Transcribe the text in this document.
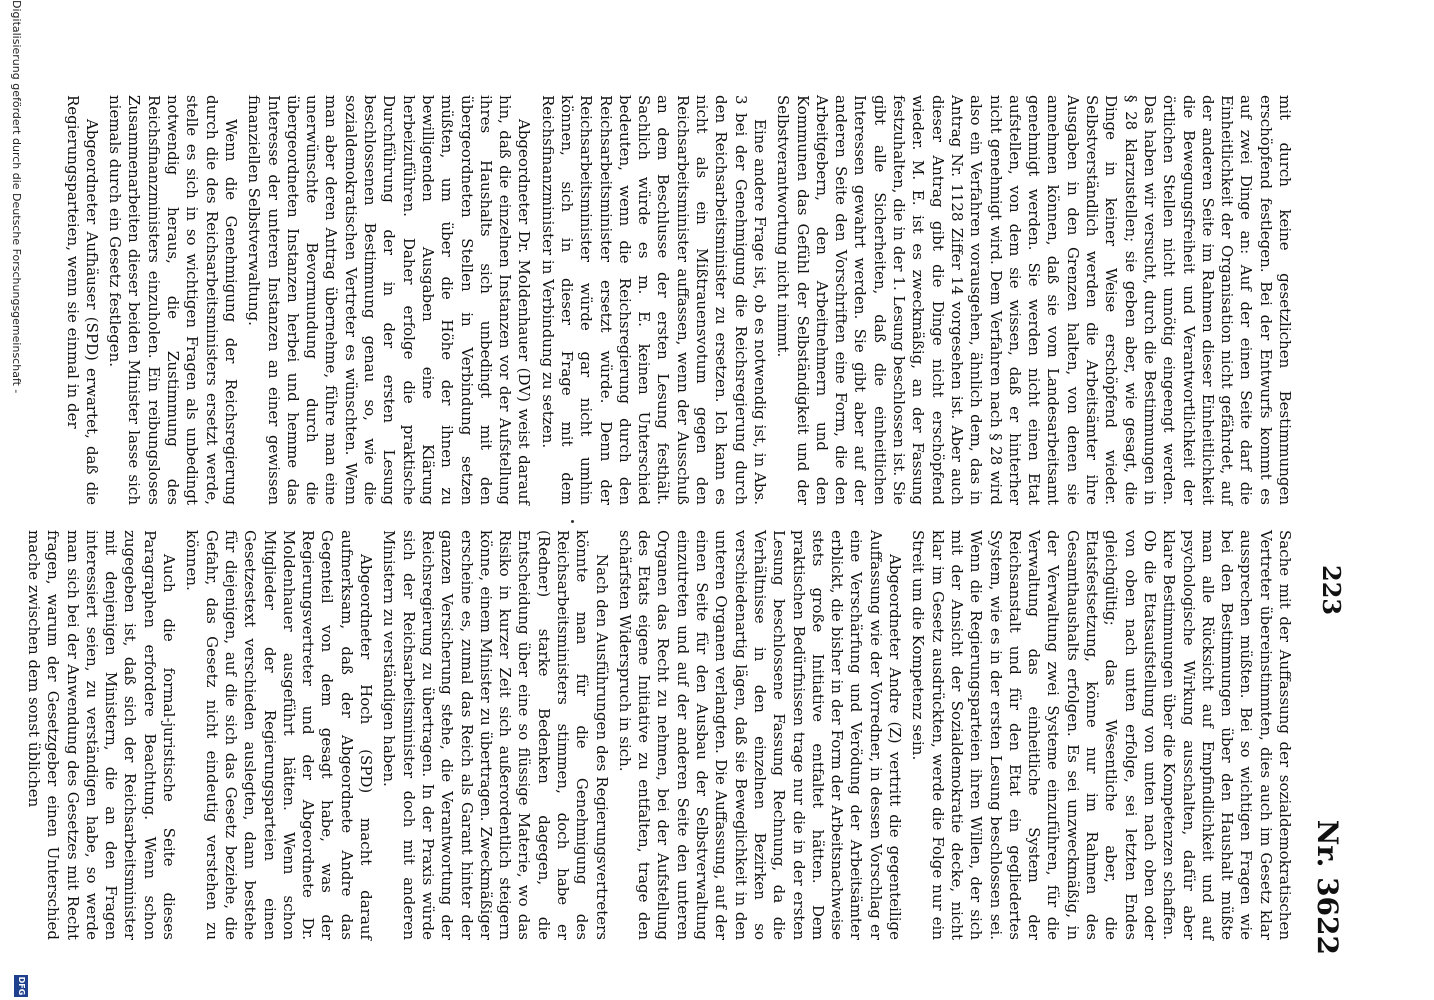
223
Nr. 3622

mit durch keine gesetzlichen Bestimmungen erschöpfend festlegen. Bei der Entwurfs kommt es auf zwei Dinge an: Auf der einen Seite darf die Einheitlichkeit der Organisation nicht gefährdet, auf der anderen Seite im Rahmen dieser Einheitlichkeit die Bewegungsfreiheit und Verantwortlichkeit der örtlichen Stellen nicht unnötig eingeengt werden. Das haben wir versucht, durch die Bestimmungen in § 28 klarzustellen; sie geben aber, wie gesagt, die Dinge in keiner Weise erschöpfend wieder. Selbstverständlich werden die Arbeitsämter ihre Ausgaben in den Grenzen halten, von denen sie annehmen können, daß sie vom Landesarbeitsamt genehmigt werden. Sie werden nicht einen Etat aufstellen, von dem sie wissen, daß er hinterher nicht genehmigt wird. Dem Verfahren nach § 28 wird also ein Verfahren vorausgehen, ähnlich dem, das in Antrag Nr. 1128 Ziffer 14 vorgesehen ist. Aber auch dieser Antrag gibt die Dinge nicht erschöpfend wieder. M. E. ist es zweckmäßig, an der Fassung festzuhalten, die in der 1. Lesung beschlossen ist. Sie gibt alle Sicherheiten, daß die einheitlichen Interessen gewahrt werden. Sie gibt aber auf der anderen Seite den Vorschriften eine Form, die den Arbeitgebern, den Arbeitnehmern und den Kommunen das Gefühl der Selbständigkeit und der Selbstverantwortung nicht nimmt.

Eine andere Frage ist, ob es notwendig ist, in Abs. 3 bei der Genehmigung die Reichsregierung durch den Reichsarbeitsminister zu ersetzen. Ich kann es nicht als ein Mißtrauensvotum gegen den Reichsarbeitsminister auffassen, wenn der Ausschuß an dem Beschlusse der ersten Lesung festhält. Sachlich würde es m. E. keinen Unterschied bedeuten, wenn die Reichsregierung durch den Reichsarbeitsminister ersetzt würde. Denn der Reichsarbeitsminister würde gar nicht umhin können, sich in dieser Frage mit dem Reichsfinanzminister in Verbindung zu setzen.

Abgeordneter Dr. Moldenhauer (DV) weist darauf hin, daß die einzelnen Instanzen vor der Aufstellung ihres Haushalts sich unbedingt mit den übergeordneten Stellen in Verbindung setzen müßten, um über die Höhe der ihnen zu bewilligenden Ausgaben eine Klärung herbeizuführen. Daher erfolge die praktische Durchführung der in der ersten Lesung beschlossenen Bestimmung genau so, wie die sozialdemokratischen Vertreter es wünschten. Wenn man aber deren Antrag übernehme, führe man eine unerwünschte Bevormundung durch die übergeordneten Instanzen herbei und hemme das Interesse der unteren Instanzen an einer gewissen finanziellen Selbstverwaltung.

Wenn die Genehmigung der Reichsregierung durch die des Reichsarbeitsministers ersetzt werde, stelle es sich in so wichtigen Fragen als unbedingt notwendig heraus, die Zustimmung des Reichsfinanzministers einzuholen. Ein reibungsloses Zusammenarbeiten dieser beiden Minister lasse sich niemals durch ein Gesetz festlegen.

Abgeordneter Aufhäuser (SPD) erwartet, daß die Regierungsparteien, wenn sie einmal in der

Sache mit der Auffassung der sozialdemokratischen Vertreter übereinstimmten, dies auch im Gesetz klar aussprechen müßten. Bei so wichtigen Fragen wie bei den Bestimmungen über den Haushalt müßte man alle Rücksicht auf Empfindlichkeit und auf psychologische Wirkung ausschalten, dafür aber klare Bestimmungen über die Kompetenzen schaffen. Ob die Etatsaufstellung von unten nach oben oder von oben nach unten erfolge, sei letzten Endes gleichgültig; das Wesentliche aber, die Etatsfestsetzung, könne nur im Rahmen des Gesamthaushalts erfolgen. Es sei unzweckmäßig, in der Verwaltung zwei Systeme einzuführen, für die Verwaltung das einheitliche System der Reichsanstalt und für den Etat ein gegliedertes System, wie es in der ersten Lesung beschlossen sei. Wenn die Regierungsparteien ihren Willen, der sich mit der Ansicht der Sozialdemokratie decke, nicht klar im Gesetz ausdrückten, werde die Folge nur ein Streit um die Kompetenz sein.

Abgeordneter Andre (Z) vertritt die gegenteilige Auffassung wie der Vorredner, in dessen Vorschlag er eine Verschärfung und Verödung der Arbeitsämter erblickt, die bisher in der Form der Arbeitsnachweise stets große Initiative entfaltet hätten. Dem praktischen Bedürfnissen trage nur die in der ersten Lesung beschlossene Fassung Rechnung, da die Verhältnisse in den einzelnen Bezirken so verschiedenartig lägen, daß sie Beweglichkeit in den unteren Organen verlangten. Die Auffassung, auf der einen Seite für den Ausbau der Selbstverwaltung einzutreten und auf der anderen Seite den unteren Organen das Recht zu nehmen, bei der Aufstellung des Etats eigene Initiative zu entfalten, trage den schärfsten Widerspruch in sich.

Nach den Ausführungen des Regierungsvertreters könnte man für die Genehmigung des Reichsarbeitsministers stimmen, doch habe er (Redner) starke Bedenken dagegen, die Entscheidung über eine so flüssige Materie, wo das Risiko in kurzer Zeit sich außerordentlich steigern könne, einem Minister zu übertragen. Zweckmäßiger erscheine es, zumal das Reich als Garant hinter der ganzen Versicherung stehe, die Verantwortung der Reichsregierung zu übertragen. In der Praxis würde sich der Reichsarbeitsminister doch mit anderen Ministern zu verständigen haben.

Abgeordneter Hoch (SPD) macht darauf aufmerksam, daß der Abgeordnete Andre das Gegenteil von dem gesagt habe, was der Regierungsvertreter und der Abgeordnete Dr. Moldenhauer ausgeführt hätten. Wenn schon Mitglieder der Regierungsparteien einen Gesetzestext verschieden auslegten, dann bestehe für diejenigen, auf die sich das Gesetz beziehe, die Gefahr, das Gesetz nicht eindeutig verstehen zu können.

Auch die formal-juristische Seite dieses Paragraphen erfordere Beachtung. Wenn schon zugegeben ist, daß sich der Reichsarbeitsminister mit denjenigen Ministern, die an den Fragen interessiert seien, zu verständigen habe, so werde man sich bei der Anwendung des Gesetzes mit Recht fragen, warum der Gesetzgeber einen Unterschied mache zwischen dem sonst üblichen

Digitalisierung gefördert durch die Deutsche Forschungsgemeinschaft -
DFG
